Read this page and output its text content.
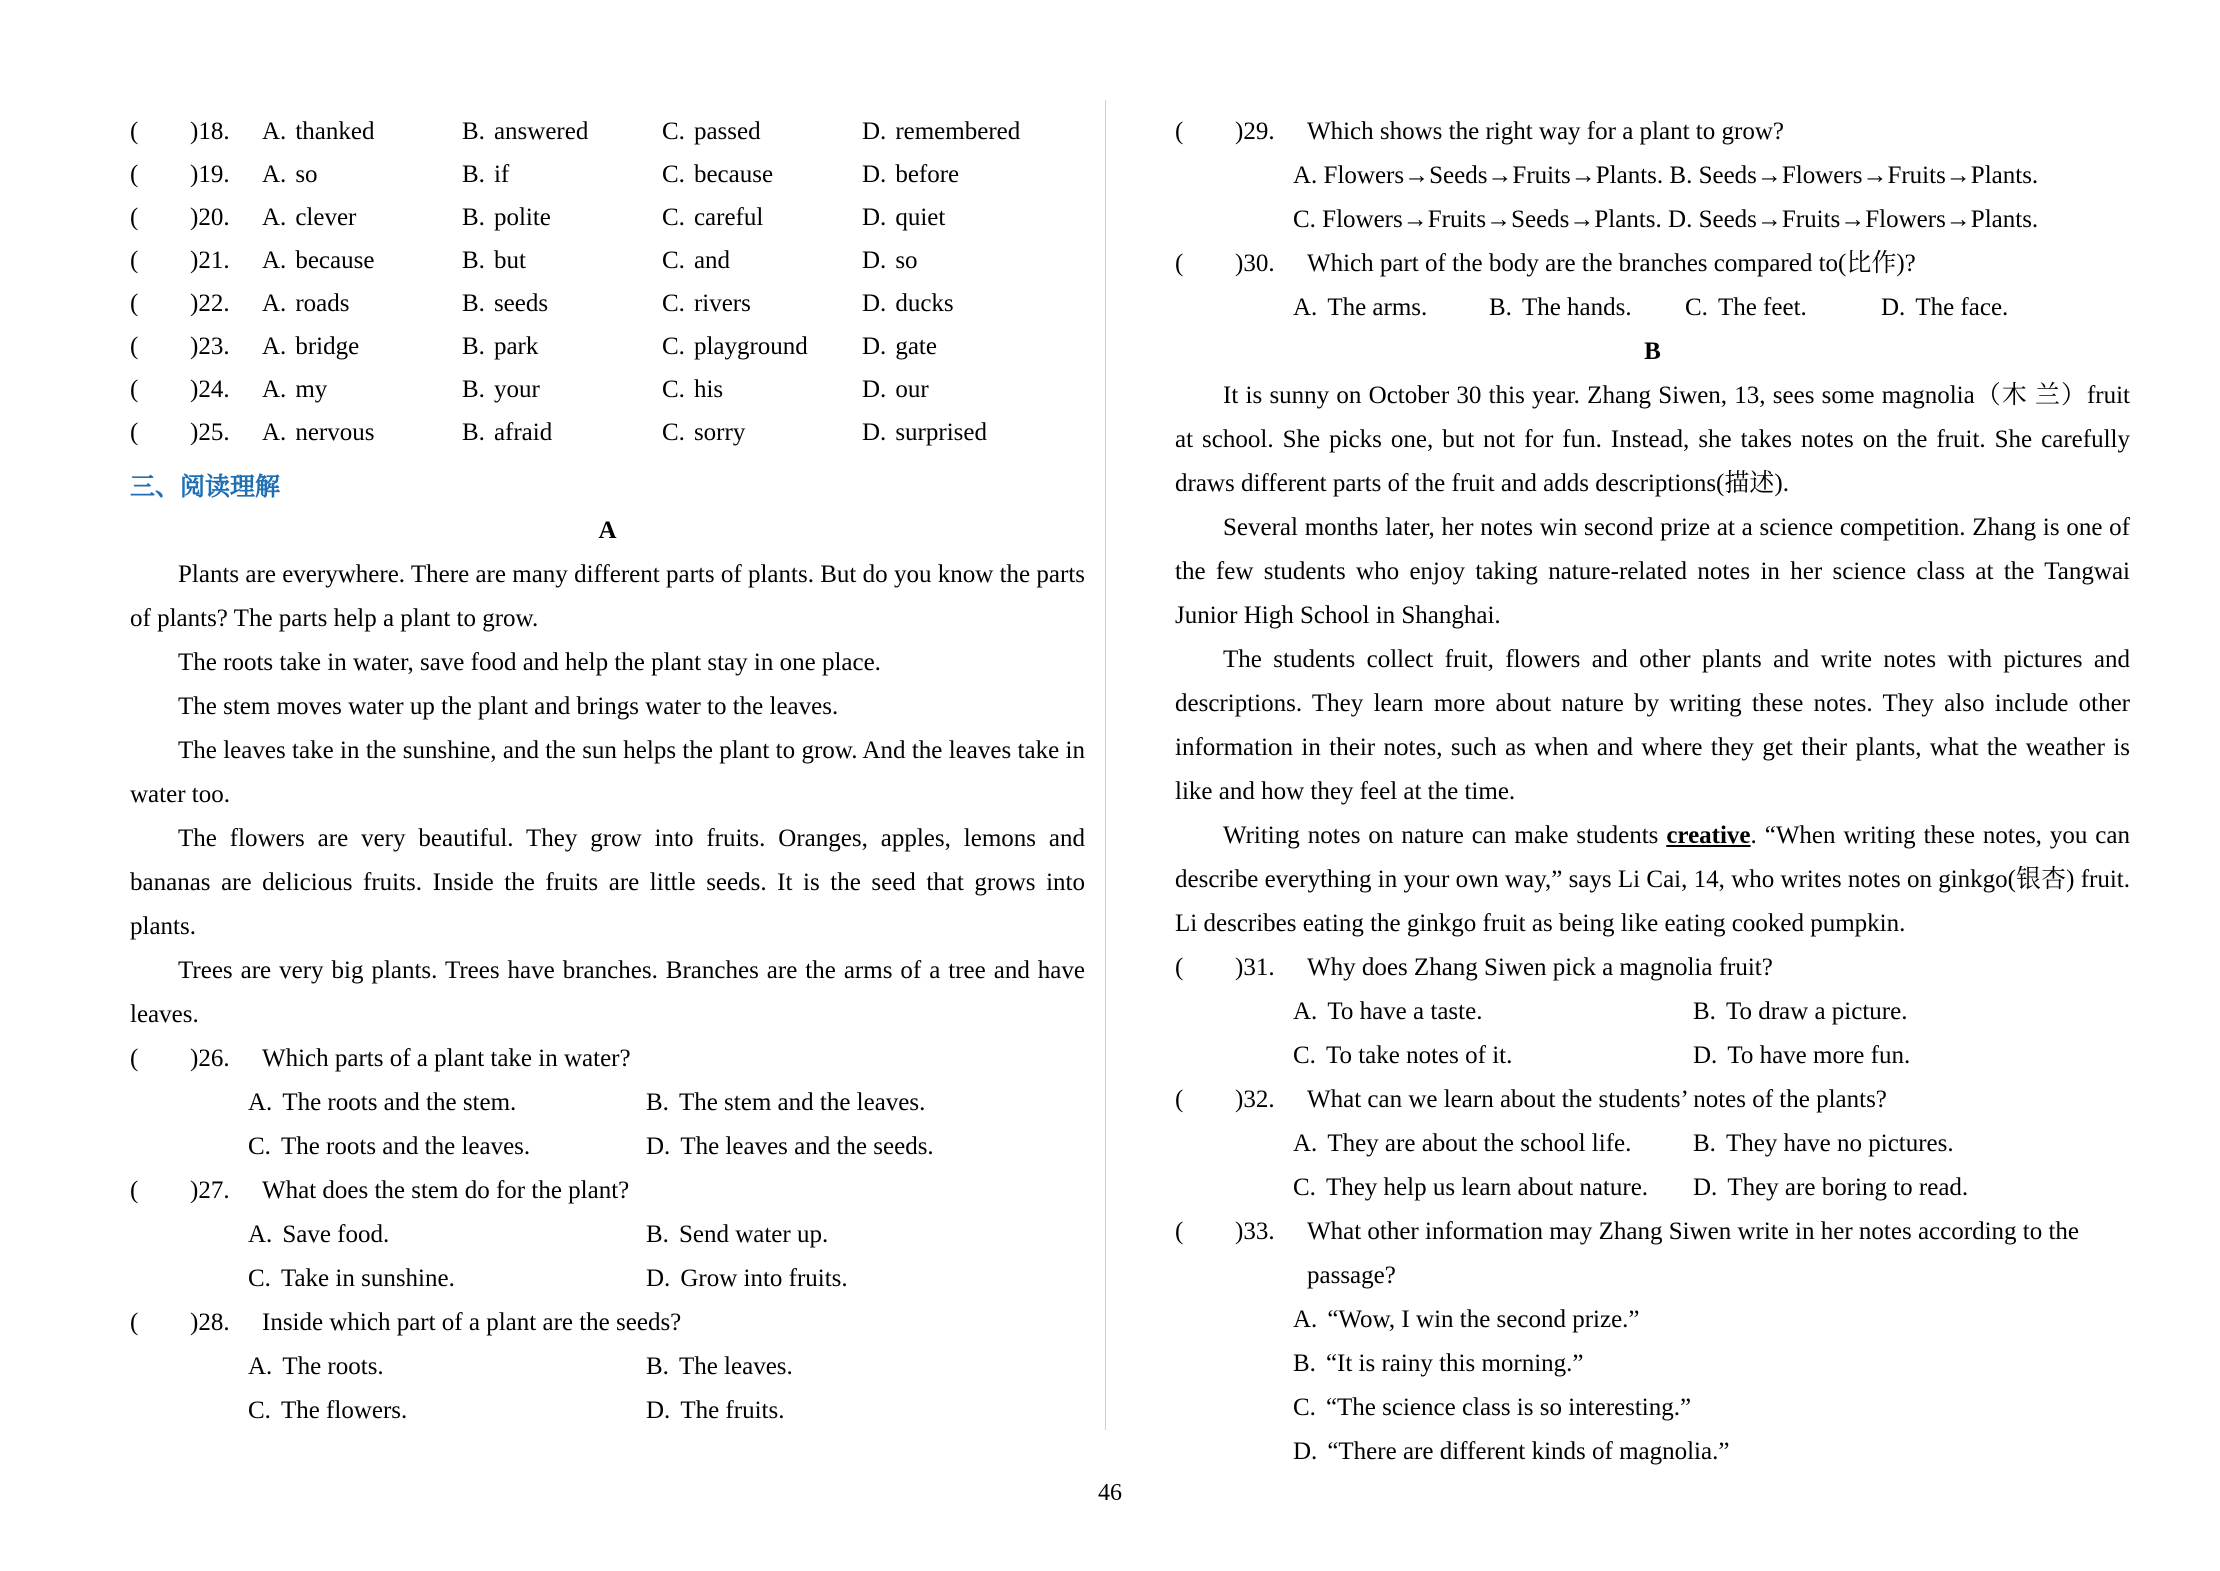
(	)18.	A. thanked	B. answered	C. passed	D. remembered
(	)19.	A. so	B. if	C. because	D. before
(	)20.	A. clever	B. polite	C. careful	D. quiet
(	)21.	A. because	B. but	C. and	D. so
(	)22.	A. roads	B. seeds	C. rivers	D. ducks
(	)23.	A. bridge	B. park	C. playground	D. gate
(	)24.	A. my	B. your	C. his	D. our
(	)25.	A. nervous	B. afraid	C. sorry	D. surprised
三、阅读理解
A

Plants are everywhere. There are many different parts of plants. But do you know the parts of plants? The parts help a plant to grow.

The roots take in water, save food and help the plant stay in one place.

The stem moves water up the plant and brings water to the leaves.

The leaves take in the sunshine, and the sun helps the plant to grow. And the leaves take in water too.

The flowers are very beautiful. They grow into fruits. Oranges, apples, lemons and bananas are delicious fruits. Inside the fruits are little seeds. It is the seed that grows into plants.

Trees are very big plants. Trees have branches. Branches are the arms of a tree and have leaves.

(	)26.	Which parts of a plant take in water?
A. The roots and the stem.	B. The stem and the leaves.
C. The roots and the leaves.	D. The leaves and the seeds.
(	)27.	What does the stem do for the plant?
A. Save food.	B. Send water up.
C. Take in sunshine.	D. Grow into fruits.
(	)28.	Inside which part of a plant are the seeds?
A. The roots.	B. The leaves.
C. The flowers.	D. The fruits.
(	)29.	Which shows the right way for a plant to grow?
A. Flowers→Seeds→Fruits→Plants. B. Seeds→Flowers→Fruits→Plants.
C. Flowers→Fruits→Seeds→Plants. D. Seeds→Fruits→Flowers→Plants.
(	)30.	Which part of the body are the branches compared to(比作)?
A. The arms.	B. The hands.	C. The feet.	D. The face.
B

It is sunny on October 30 this year. Zhang Siwen, 13, sees some magnolia（木 兰）fruit at school. She picks one, but not for fun. Instead, she takes notes on the fruit. She carefully draws different parts of the fruit and adds descriptions(描述).

Several months later, her notes win second prize at a science competition. Zhang is one of the few students who enjoy taking nature-related notes in her science class at the Tangwai Junior High School in Shanghai.

The students collect fruit, flowers and other plants and write notes with pictures and descriptions. They learn more about nature by writing these notes. They also include other information in their notes, such as when and where they get their plants, what the weather is like and how they feel at the time.

Writing notes on nature can make students creative. “When writing these notes, you can describe everything in your own way,” says Li Cai, 14, who writes notes on ginkgo(银杏) fruit. Li describes eating the ginkgo fruit as being like eating cooked pumpkin.

(	)31.	Why does Zhang Siwen pick a magnolia fruit?
A. To have a taste.	B. To draw a picture.
C. To take notes of it.	D. To have more fun.
(	)32.	What can we learn about the students’ notes of the plants?
A. They are about the school life.	B. They have no pictures.
C. They help us learn about nature.	D. They are boring to read.
(	)33.	What other information may Zhang Siwen write in her notes according to the
passage?
A. “Wow, I win the second prize.”
B. “It is rainy this morning.”
C. “The science class is so interesting.”
D. “There are different kinds of magnolia.”
46
